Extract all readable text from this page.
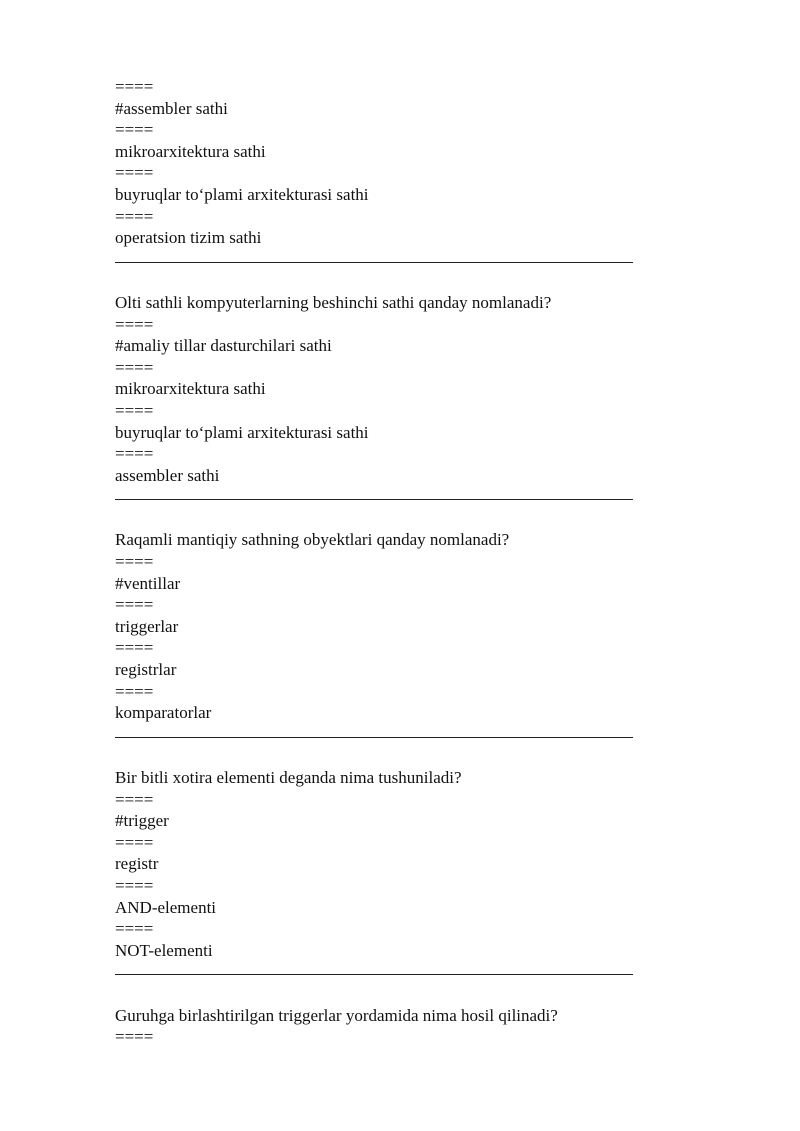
====
#assembler sathi
====
mikroarxitektura sathi
====
buyruqlar to‘plami arxitekturasi sathi
====
operatsion tizim sathi
Olti sathli kompyuterlarning beshinchi sathi qanday nomlanadi?
====
#amaliy tillar dasturchilari sathi
====
mikroarxitektura sathi
====
buyruqlar to‘plami arxitekturasi sathi
====
assembler sathi
Raqamli mantiqiy sathning obyektlari qanday nomlanadi?
====
#ventillar
====
triggerlar
====
registrlar
====
komparatorlar
Bir bitli xotira elementi deganda nima tushuniladi?
====
#trigger
====
registr
====
AND-elementi
====
NOT-elementi
Guruhga birlashtirilgan triggerlar yordamida nima hosil qilinadi?
====
